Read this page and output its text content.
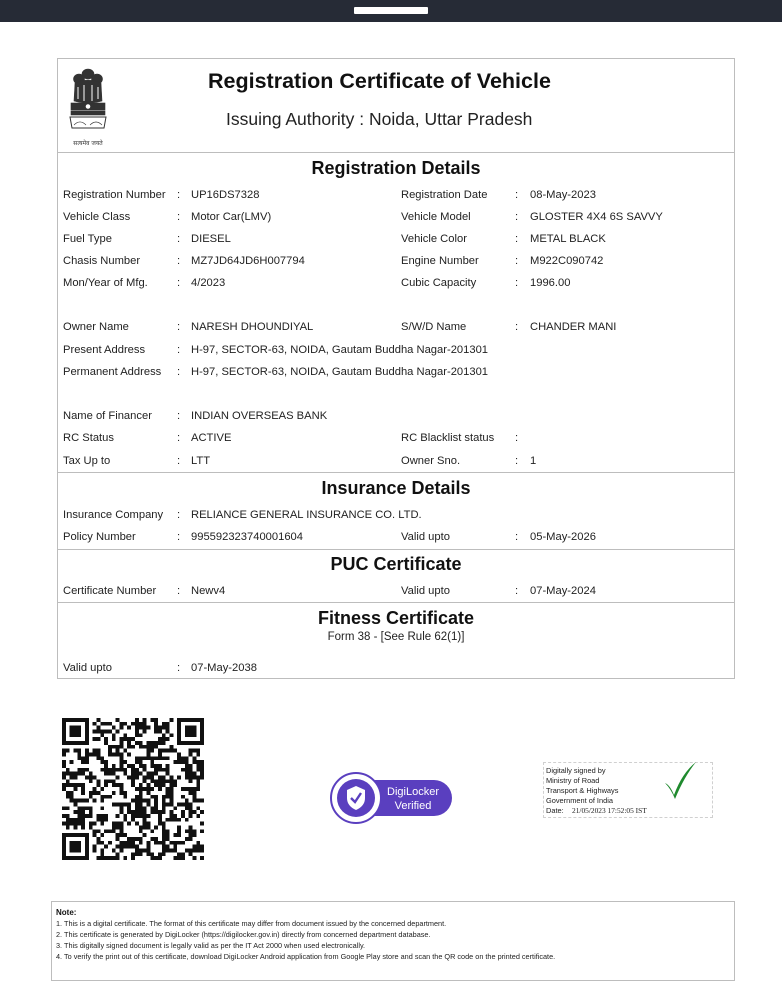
सत्यमेव जयते
Registration Certificate of Vehicle
Issuing Authority : Noida, Uttar Pradesh
Registration Details
Registration Number : UP16DS7328	Registration Date : 08-May-2023
Vehicle Class	: Motor Car(LMV)	Vehicle Model	: GLOSTER 4X4 6S SAVVY
Fuel Type	: DIESEL	Vehicle Color	: METAL BLACK
Chasis Number	: MZ7JD64JD6H007794	Engine Number	: M922C090742
Mon/Year of Mfg.	: 4/2023	Cubic Capacity	: 1996.00
Owner Name	: NARESH DHOUNDIYAL	S/W/D Name	: CHANDER MANI
Present Address	: H-97, SECTOR-63, NOIDA, Gautam Buddha Nagar-201301
Permanent Address : H-97, SECTOR-63, NOIDA, Gautam Buddha Nagar-201301
Name of Financer : INDIAN OVERSEAS BANK
RC Status	: ACTIVE	RC Blacklist status :
Tax Up to	: LTT	Owner Sno.	: 1
Insurance Details
Insurance Company : RELIANCE GENERAL INSURANCE CO. LTD.
Policy Number	: 995592323740001604	Valid upto	: 05-May-2026
PUC Certificate
Certificate Number : Newv4	Valid upto	: 07-May-2024
Fitness Certificate
Form 38 - [See Rule 62(1)]
Valid upto	: 07-May-2038
DigiLocker
Verified
Digitally signed by
Ministry of Road
Transport & Highways
Government of India
Date: 21/05/2023 17:52:05 IST
Note:
1. This is a digital certificate. The format of this certificate may differ from document issued by the concerned department.
2. This certificate is generated by DigiLocker (https://digilocker.gov.in) directly from concerned department database.
3. This digitally signed document is legally valid as per the IT Act 2000 when used electronically.
4. To verify the print out of this certificate, download DigiLocker Android application from Google Play store and scan the QR code on the printed certificate.
